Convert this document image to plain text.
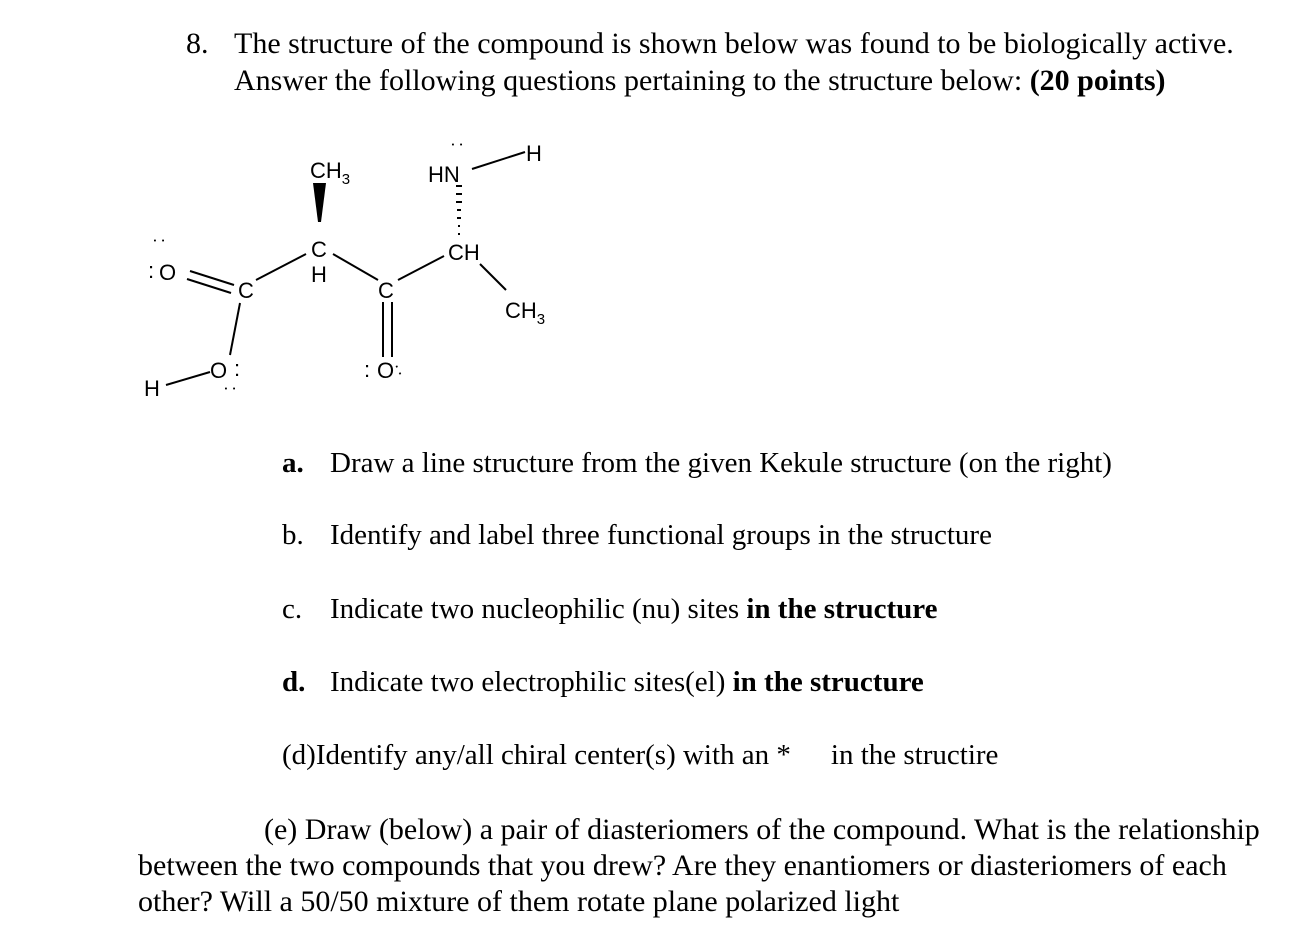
8. The structure of the compound is shown below was found to be biologically active. Answer the following questions pertaining to the structure below: (20 points)
H
O :
:
: O
:
C
C
H
$CH_3$
C
: O
:
CH
HN
:	H
$CH_3$
a. Draw a line structure from the given Kekule structure (on the right)
b. Identify and label three functional groups in the structure
c. Indicate two nucleophilic (nu) sites in the structure
d. Indicate two electrophilic sites(el) in the structure
(d)Identify any/all chiral center(s) with an * in the structire
(e) Draw (below) a pair of diasteriomers of the compound. What is the relationship between the two compounds that you drew? Are they enantiomers or diasteriomers of each other? Will a 50/50 mixture of them rotate plane polarized light
